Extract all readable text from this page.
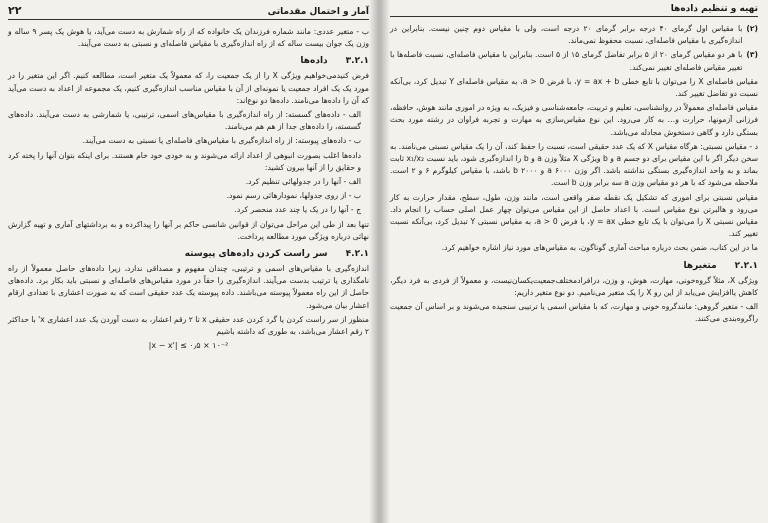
آمار و احتمال مقدماتی
۲۲

ب - متغیر عددی: مانند شماره فرزندان یک خانواده که از راه شمارش به دست می‌آید، یا هوش یک پسر ۹ ساله و وزن یک جوان بیست ساله که از راه اندازه‌گیری با مقیاس فاصله‌ای و نسبتی به دست می‌آیند.

۳.۲.۱
داده‌ها

فرض کنیدمی‌خواهیم ویژگی X را از یک جمعیت را، که معمولاً یک متغیر است، مطالعه کنیم. اگر این متغیر را در مورد یک یک افراد جمعیت یا نمونه‌ای از آن با مقیاس مناسب اندازه‌گیری کنیم، یک مجموعه از اعداد به دست می‌آید که آن را داده‌ها می‌نامند. داده‌ها دو نوع‌اند:

الف - داده‌های گسسته: از راه اندازه‌گیری با مقیاس‌های اسمی، ترتیبی، یا شمارشی به دست می‌آیند. داده‌های گسسته، را داده‌های جدا از هم هم می‌نامند.
ب - داده‌های پیوسته: از راه اندازه‌گیری با مقیاس‌های فاصله‌ای یا نسبتی به دست می‌آیند.
داده‌ها اغلب بصورت انبوهی از اعداد ارائه می‌شوند و به خودی خود خام هستند. برای اینکه بتوان آنها را پخته کرد و حقایق را از آنها بیرون کشید:
الف - آنها را در جدولهائی تنظیم کرد.
ب - از روی جدولها، نمودارهائی رسم نمود.
ج - آنها را در یک یا چند عدد منحصر کرد.

تنها بعد از طی این مراحل می‌توان از قوانین شانسی حاکم بر آنها را پیداکرده و به برداشتهای آماری و تهیه گزارش نهائی درباره ویژگی مورد مطالعه پرداخت.

۴.۲.۱
سر راست کردن داده‌های پیوسته

اندازه‌گیری با مقیاس‌های اسمی و ترتیبی، چندان مفهوم و مصداقی ندارد، زیرا داده‌های حاصل معمولاً از راه نامگذاری یا ترتیب بدست می‌آیند. اندازه‌گیری را حقاً در مورد مقیاس‌های فاصله‌ای و نسبتی باید بکار برد. داده‌های حاصل از این راه معمولاً پیوسته می‌باشند. داده پیوسته یک عدد حقیقی است که به صورت اعشاری با تعدادی ارقام اعشار بیان می‌شود.

منظور از سر راست کردن یا گرد کردن عدد حقیقی x تا ۲ رقم اعشار، به دست آوردن یک عدد اعشاری x' با حداکثر ۲ رقم اعشار می‌باشد، به طوری که داشته باشیم

|x − x'| ≤ ۰٫۵ × ۱۰⁻²
تهیه و تنظیم داده‌ها
(۲)

با مقیاس اول گرمای ۴۰ درجه برابر گرمای ۲۰ درجه است، ولی با مقیاس دوم چنین نیست. بنابراین در اندازه‌گیری با مقیاس فاصله‌ای، نسبت محفوظ نمی‌ماند.

(۳)

با هر دو مقیاس گرمای ۲۰ از ۵ برابر تفاضل گرمای ۱۵ از ۵ است. بنابراین با مقیاس فاصله‌ای، نسبت فاصله‌ها با تغییر مقیاس فاصله‌ای تغییر نمی‌کند.

مقیاس فاصله‌ای X را می‌توان با تابع خطی y = ax + b، با فرض a > 0، به مقیاس فاصله‌ای Y تبدیل کرد، بی‌آنکه نسبت دو تفاضل تغییر کند.

مقیاس فاصله‌ای معمولاً در روانشناسی، تعلیم و تربیت، جامعه‌شناسی و فیزیک، به ویژه در اموری مانند هوش، حافظه، فرزانی آزمونها، حرارت و… به کار می‌رود. این نوع مقیاس‌سازی به مهارت و تجربه فراوان در رشته مورد بحث بستگی دارد و گاهی دستخوش مجادله می‌باشد.

د - مقیاس نسبتی: هرگاه مقیاس X که یک عدد حقیقی است، نسبت را حفظ کند، آن را یک مقیاس نسبتی می‌نامند. به سخن دیگر اگر با این مقیاس برای دو جسم a و b ویژگی X مثلاً وزن a و b را اندازه‌گیری شود، باید نسبت x₁/x₂ ثابت بماند و به واحد اندازه‌گیری بستگی نداشته باشد. اگر وزن a ۶۰۰۰ و b ۲۰۰۰ باشد، با مقیاس کیلوگرم ۶ و ۲ است. ملاحظه می‌شود که با هر دو مقیاس وزن a سه برابر وزن b است.

مقیاس نسبتی برای اموری که تشکیل یک نقطه صفر واقعی است، مانند وزن، طول، سطح، مقدار حرارت به کار می‌رود و هالبرتن نوع مقیاس است. با اعداد حاصل از این مقیاس می‌توان چهار عمل اصلی حساب را انجام داد. مقیاس نسبتی X را می‌توان با یک تابع خطی y = ax، با فرض a > 0، به مقیاس نسبتی Y تبدیل کرد، بی‌آنکه نسبت تغییر کند.

ما در این کتاب، ضمن بحث درباره مباحث آماری گوناگون، به مقیاس‌های مورد نیاز اشاره خواهیم کرد.

۲.۲.۱
متغیرها

ویژگی X، مثلاً گروه‌خونی، مهارت، هوش، و وزن، درافرادمختلف‌جمعیت‌یکسان‌نیست، و معمولاً از فردی به فرد دیگر، کاهش یاافزایش می‌یابد از این رو X را یک متغیر می‌نامیم. دو نوع متغیر داریم:

الف - متغیر گروهی: مانندگروه خونی و مهارت، که با مقیاس اسمی یا ترتیبی سنجیده می‌شوند و بر اساس آن جمعیت راگروه‌بندی می‌کنند.
